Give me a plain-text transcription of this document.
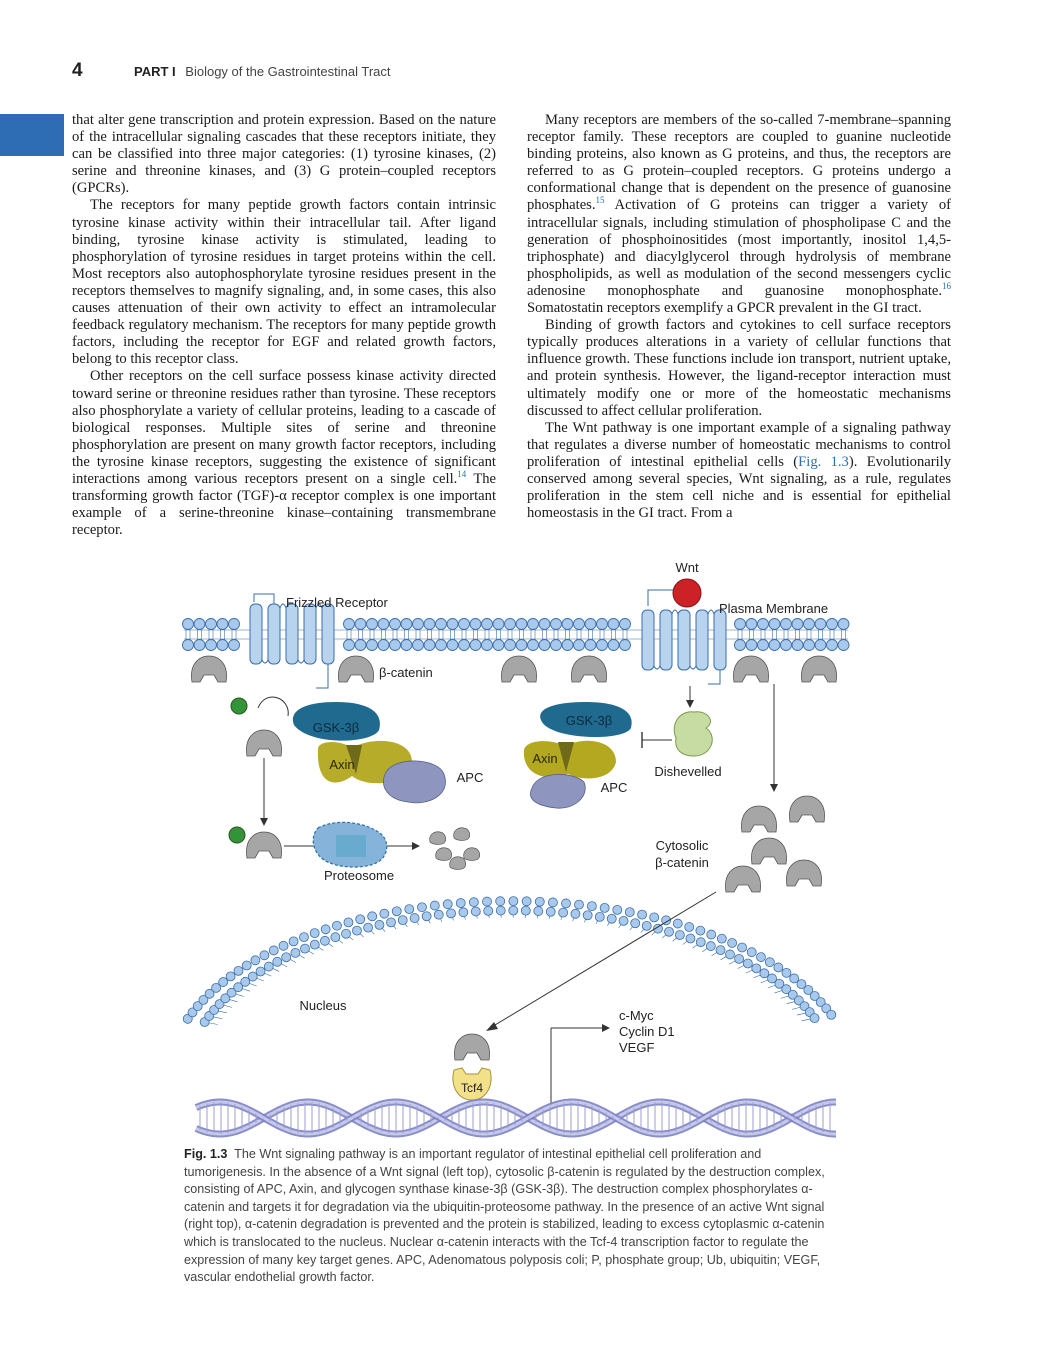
4	PART I Biology of the Gastrointestinal Tract

that alter gene transcription and protein expression. Based on the nature of the intracellular signaling cascades that these receptors initiate, they can be classified into three major categories: (1) tyrosine kinases, (2) serine and threonine kinases, and (3) G protein–coupled receptors (GPCRs).

The receptors for many peptide growth factors contain intrinsic tyrosine kinase activity within their intracellular tail. After ligand binding, tyrosine kinase activity is stimulated, leading to phosphorylation of tyrosine residues in target proteins within the cell. Most receptors also autophosphorylate tyrosine residues present in the receptors themselves to magnify signaling, and, in some cases, this also causes attenuation of their own activity to effect an intramolecular feedback regulatory mechanism. The receptors for many peptide growth factors, including the receptor for EGF and related growth factors, belong to this receptor class.

Other receptors on the cell surface possess kinase activity directed toward serine or threonine residues rather than tyrosine. These receptors also phosphorylate a variety of cellular proteins, leading to a cascade of biological responses. Multiple sites of serine and threonine phosphorylation are present on many growth factor receptors, including the tyrosine kinase receptors, suggesting the existence of significant interactions among various receptors present on a single cell.$^{14}$ The transforming growth factor (TGF)-α receptor complex is one important example of a serine-threonine kinase–containing transmembrane receptor.

Many receptors are members of the so-called 7-membrane–spanning receptor family. These receptors are coupled to guanine nucleotide binding proteins, also known as G proteins, and thus, the receptors are referred to as G protein–coupled receptors. G proteins undergo a conformational change that is dependent on the presence of guanosine phosphates.$^{15}$ Activation of G proteins can trigger a variety of intracellular signals, including stimulation of phospholipase C and the generation of phosphoinositides (most importantly, inositol 1,4,5-triphosphate) and diacylglycerol through hydrolysis of membrane phospholipids, as well as modulation of the second messengers cyclic adenosine monophosphate and guanosine monophosphate.$^{16}$ Somatostatin receptors exemplify a GPCR prevalent in the GI tract.

Binding of growth factors and cytokines to cell surface receptors typically produces alterations in a variety of cellular functions that influence growth. These functions include ion transport, nutrient uptake, and protein synthesis. However, the ligand-receptor interaction must ultimately modify one or more of the homeostatic mechanisms discussed to affect cellular proliferation.

The Wnt pathway is one important example of a signaling pathway that regulates a diverse number of homeostatic mechanisms to control proliferation of intestinal epithelial cells (Fig. 1.3). Evolutionarily conserved among several species, Wnt signaling, as a rule, regulates proliferation in the stem cell niche and is essential for epithelial homeostasis in the GI tract. From a

P
P
GSK-3β
Axin
APC
Proteosome
GSK-3β
Axin
APC
Dishevelled
Cytosolic
β-catenin
Nucleus
Tcf4
c-Myc
Cyclin D1
VEGF
Wnt
Frizzled Receptor	Plasma Membrane
β-catenin
Fig. 1.3 The Wnt signaling pathway is an important regulator of intestinal epithelial cell proliferation and tumorigenesis. In the absence of a Wnt signal (left top), cytosolic β-catenin is regulated by the destruction complex, consisting of APC, Axin, and glycogen synthase kinase-3β (GSK-3β). The destruction complex phosphorylates α-catenin and targets it for degradation via the ubiquitin-proteosome pathway. In the presence of an active Wnt signal (right top), α-catenin degradation is prevented and the protein is stabilized, leading to excess cytoplasmic α-catenin which is translocated to the nucleus. Nuclear α-catenin interacts with the Tcf-4 transcription factor to regulate the expression of many key target genes. APC, Adenomatous polyposis coli; P, phosphate group; Ub, ubiquitin; VEGF, vascular endothelial growth factor.
